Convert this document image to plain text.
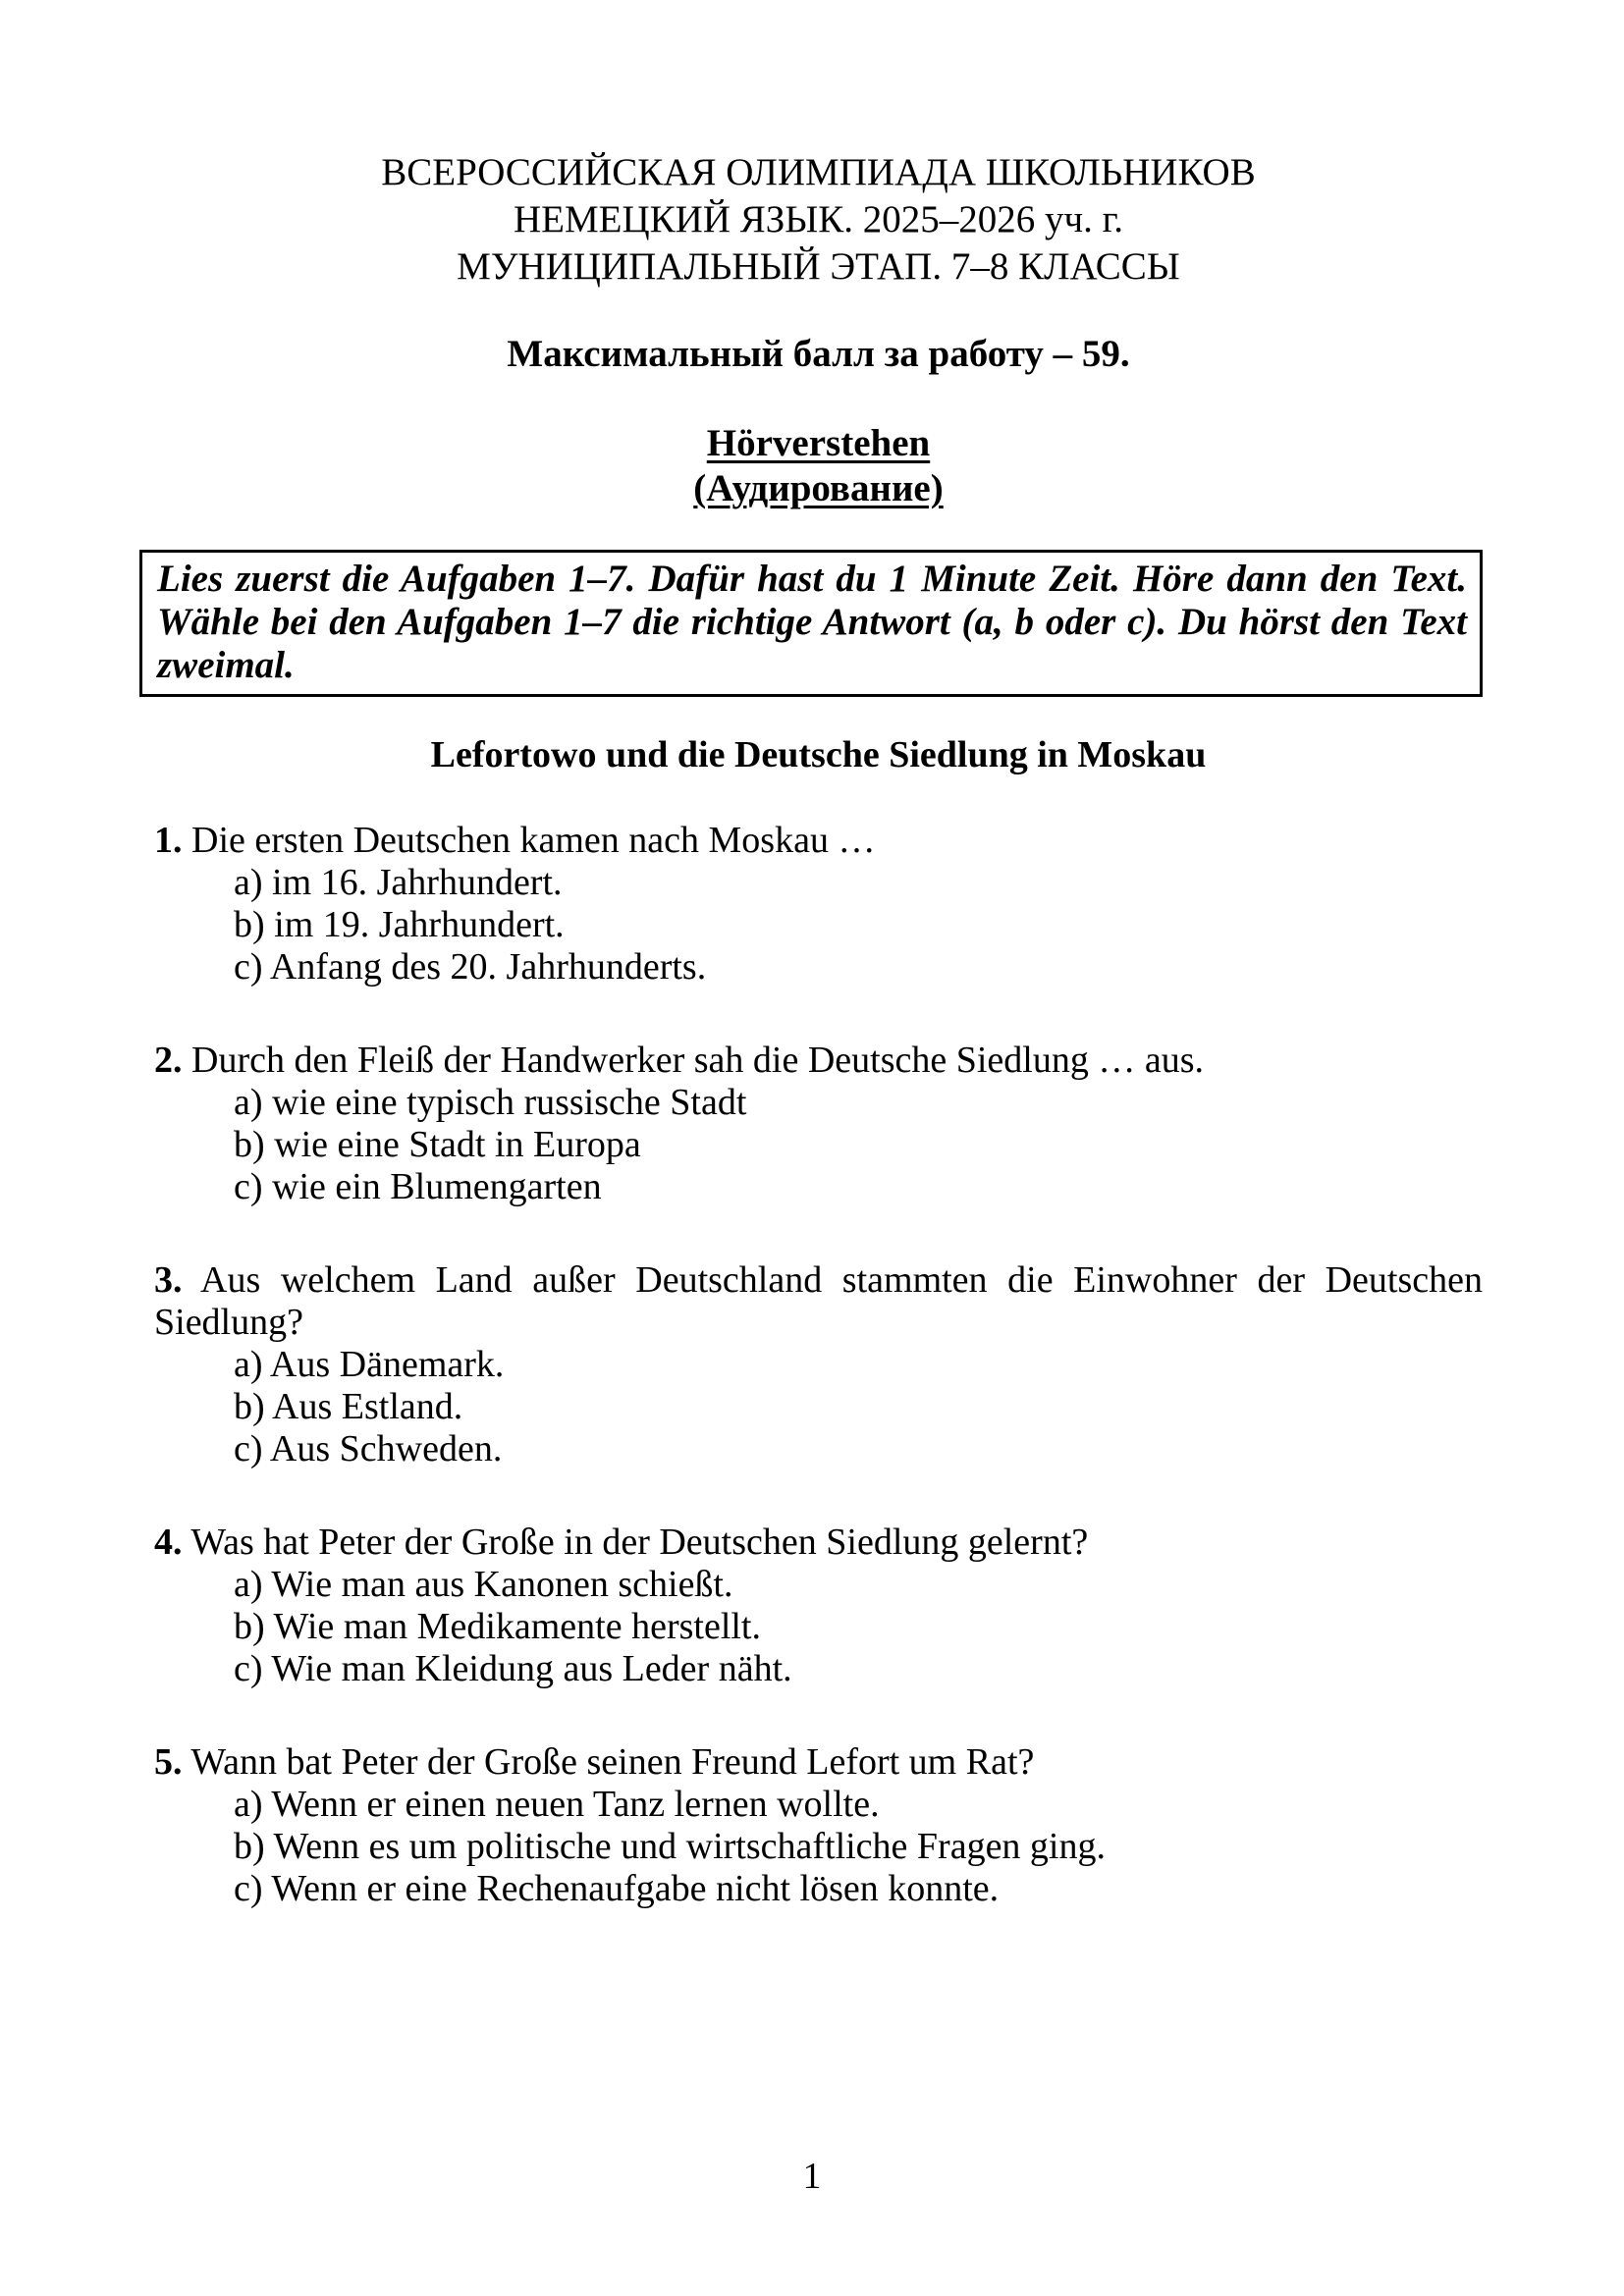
ВСЕРОССИЙСКАЯ ОЛИМПИАДА ШКОЛЬНИКОВ
НЕМЕЦКИЙ ЯЗЫК. 2025–2026 уч. г.
МУНИЦИПАЛЬНЫЙ ЭТАП. 7–8 КЛАССЫ
Максимальный балл за работу – 59.
Hörverstehen
(Аудирование)
Lies zuerst die Aufgaben 1–7. Dafür hast du 1 Minute Zeit. Höre dann den Text. Wähle bei den Aufgaben 1–7 die richtige Antwort (a, b oder c). Du hörst den Text zweimal.
Lefortowo und die Deutsche Siedlung in Moskau

1. Die ersten Deutschen kamen nach Moskau …

a) im 16. Jahrhundert.

b) im 19. Jahrhundert.

c) Anfang des 20. Jahrhunderts.

2. Durch den Fleiß der Handwerker sah die Deutsche Siedlung … aus.

a) wie eine typisch russische Stadt

b) wie eine Stadt in Europa

c) wie ein Blumengarten

3. Aus welchem Land außer Deutschland stammten die Einwohner der Deutschen Siedlung?

a) Aus Dänemark.

b) Aus Estland.

c) Aus Schweden.

4. Was hat Peter der Große in der Deutschen Siedlung gelernt?

a) Wie man aus Kanonen schießt.

b) Wie man Medikamente herstellt.

c) Wie man Kleidung aus Leder näht.

5. Wann bat Peter der Große seinen Freund Lefort um Rat?

a) Wenn er einen neuen Tanz lernen wollte.

b) Wenn es um politische und wirtschaftliche Fragen ging.

c) Wenn er eine Rechenaufgabe nicht lösen konnte.

1
